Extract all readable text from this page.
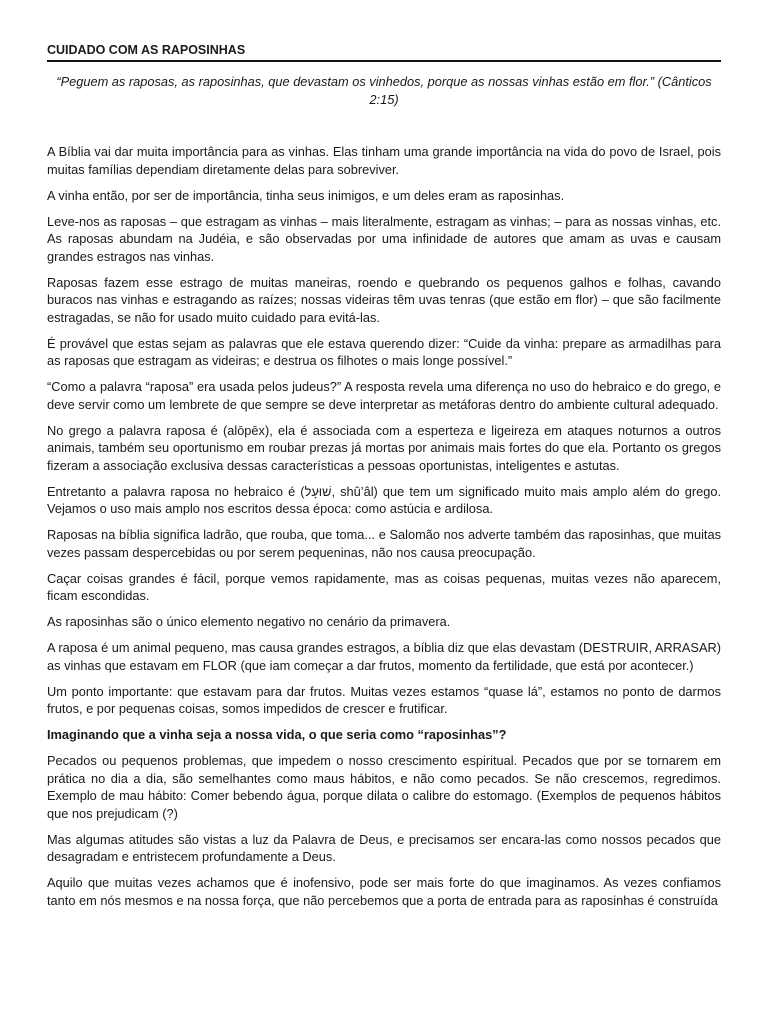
CUIDADO COM AS RAPOSINHAS

“Peguem as raposas, as raposinhas, que devastam os vinhedos, porque as nossas vinhas estão em flor.” (Cânticos 2:15)

A Bíblia vai dar muita importância para as vinhas. Elas tinham uma grande importância na vida do povo de Israel, pois muitas famílias dependiam diretamente delas para sobreviver.

A vinha então, por ser de importância, tinha seus inimigos, e um deles eram as raposinhas.

Leve-nos as raposas – que estragam as vinhas – mais literalmente, estragam as vinhas; – para as nossas vinhas, etc. As raposas abundam na Judéia, e são observadas por uma infinidade de autores que amam as uvas e causam grandes estragos nas vinhas.

Raposas fazem esse estrago de muitas maneiras, roendo e quebrando os pequenos galhos e folhas, cavando buracos nas vinhas e estragando as raízes; nossas videiras têm uvas tenras (que estão em flor) – que são facilmente estragadas, se não for usado muito cuidado para evitá-las.

É provável que estas sejam as palavras que ele estava querendo dizer: “Cuide da vinha: prepare as armadilhas para as raposas que estragam as videiras; e destrua os filhotes o mais longe possível.”

“Como a palavra “raposa” era usada pelos judeus?” A resposta revela uma diferença no uso do hebraico e do grego, e deve servir como um lembrete de que sempre se deve interpretar as metáforas dentro do ambiente cultural adequado.

No grego a palavra raposa é (alōpēx), ela é associada com a esperteza e ligeireza em ataques noturnos a outros animais, também seu oportunismo em roubar prezas já mortas por animais mais fortes do que ela. Portanto os gregos fizeram a associação exclusiva dessas características a pessoas oportunistas, inteligentes e astutas.

Entretanto a palavra raposa no hebraico é (שׁוּעָל, shû’âl) que tem um significado muito mais amplo além do grego. Vejamos o uso mais amplo nos escritos dessa época: como astúcia e ardilosa.

Raposas na bíblia significa ladrão, que rouba, que toma... e Salomão nos adverte também das raposinhas, que muitas vezes passam despercebidas ou por serem pequeninas, não nos causa preocupação.

Caçar coisas grandes é fácil, porque vemos rapidamente, mas as coisas pequenas, muitas vezes não aparecem, ficam escondidas.

As raposinhas são o único elemento negativo no cenário da primavera.

A raposa é um animal pequeno, mas causa grandes estragos, a bíblia diz que elas devastam (DESTRUIR, ARRASAR) as vinhas que estavam em FLOR (que iam começar a dar frutos, momento da fertilidade, que está por acontecer.)

Um ponto importante: que estavam para dar frutos. Muitas vezes estamos “quase lá”, estamos no ponto de darmos frutos, e por pequenas coisas, somos impedidos de crescer e frutificar.

Imaginando que a vinha seja a nossa vida, o que seria como “raposinhas”?

Pecados ou pequenos problemas, que impedem o nosso crescimento espiritual. Pecados que por se tornarem em prática no dia a dia, são semelhantes como maus hábitos, e não como pecados. Se não crescemos, regredimos. Exemplo de mau hábito: Comer bebendo água, porque dilata o calibre do estomago. (Exemplos de pequenos hábitos que nos prejudicam (?)

Mas algumas atitudes são vistas a luz da Palavra de Deus, e precisamos ser encara-las como nossos pecados que desagradam e entristecem profundamente a Deus.

Aquilo que muitas vezes achamos que é inofensivo, pode ser mais forte do que imaginamos. As vezes confiamos tanto em nós mesmos e na nossa força, que não percebemos que a porta de entrada para as raposinhas é construída
